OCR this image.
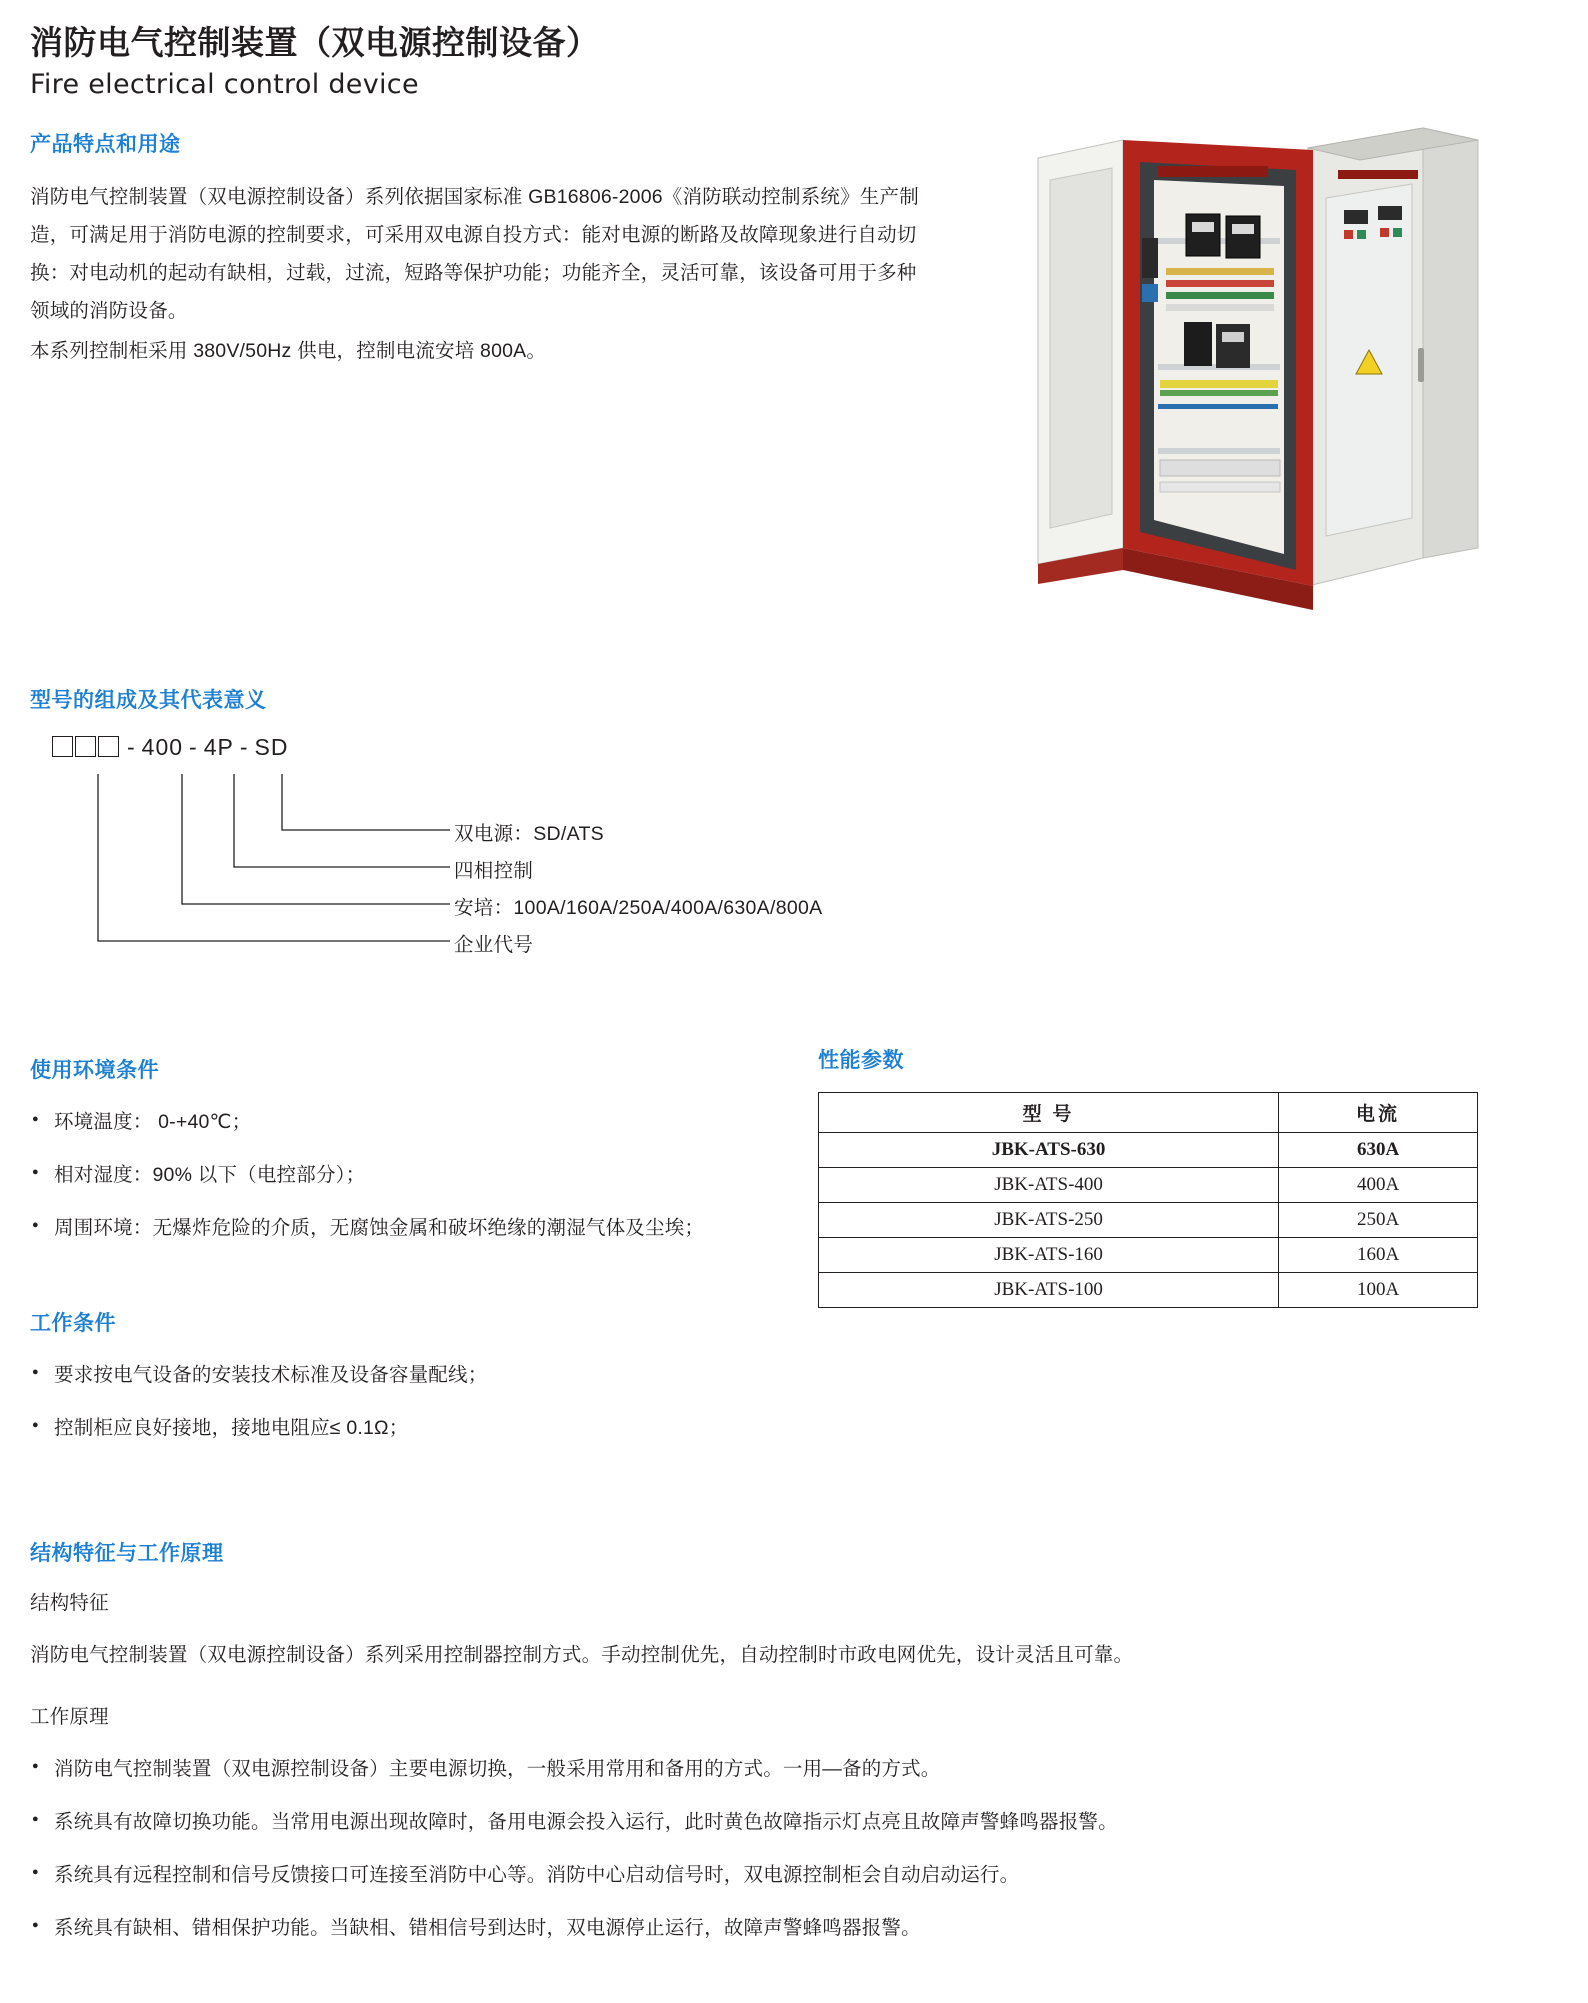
消防电气控制装置（双电源控制设备）
Fire electrical control device
产品特点和用途

消防电气控制装置（双电源控制设备）系列依据国家标准 GB16806-2006《消防联动控制系统》生产制造，可满足用于消防电源的控制要求，可采用双电源自投方式：能对电源的断路及故障现象进行自动切换：对电动机的起动有缺相，过载，过流，短路等保护功能；功能齐全，灵活可靠，该设备可用于多种领域的消防设备。

本系列控制柜采用 380V/50Hz 供电，控制电流安培 800A。

型号的组成及其代表意义
- 400 - 4P - SD
双电源：SD/ATS
四相控制
安培：100A/160A/250A/400A/630A/800A
企业代号
使用环境条件
● 环境温度： 0-+40℃；
● 相对湿度：90% 以下（电控部分）；
● 周围环境：无爆炸危险的介质，无腐蚀金属和破坏绝缘的潮湿气体及尘埃；
性能参数
型 号	电流
JBK-ATS-630	630A
JBK-ATS-400	400A
JBK-ATS-250	250A
JBK-ATS-160	160A
JBK-ATS-100	100A
工作条件
● 要求按电气设备的安装技术标准及设备容量配线；
● 控制柜应良好接地，接地电阻应≤ 0.1Ω；
结构特征与工作原理

结构特征

消防电气控制装置（双电源控制设备）系列采用控制器控制方式。手动控制优先，自动控制时市政电网优先，设计灵活且可靠。

工作原理

● 消防电气控制装置（双电源控制设备）主要电源切换，一般采用常用和备用的方式。一用—备的方式。
● 系统具有故障切换功能。当常用电源出现故障时，备用电源会投入运行，此时黄色故障指示灯点亮且故障声警蜂鸣器报警。
● 系统具有远程控制和信号反馈接口可连接至消防中心等。消防中心启动信号时，双电源控制柜会自动启动运行。
● 系统具有缺相、错相保护功能。当缺相、错相信号到达时，双电源停止运行，故障声警蜂鸣器报警。
